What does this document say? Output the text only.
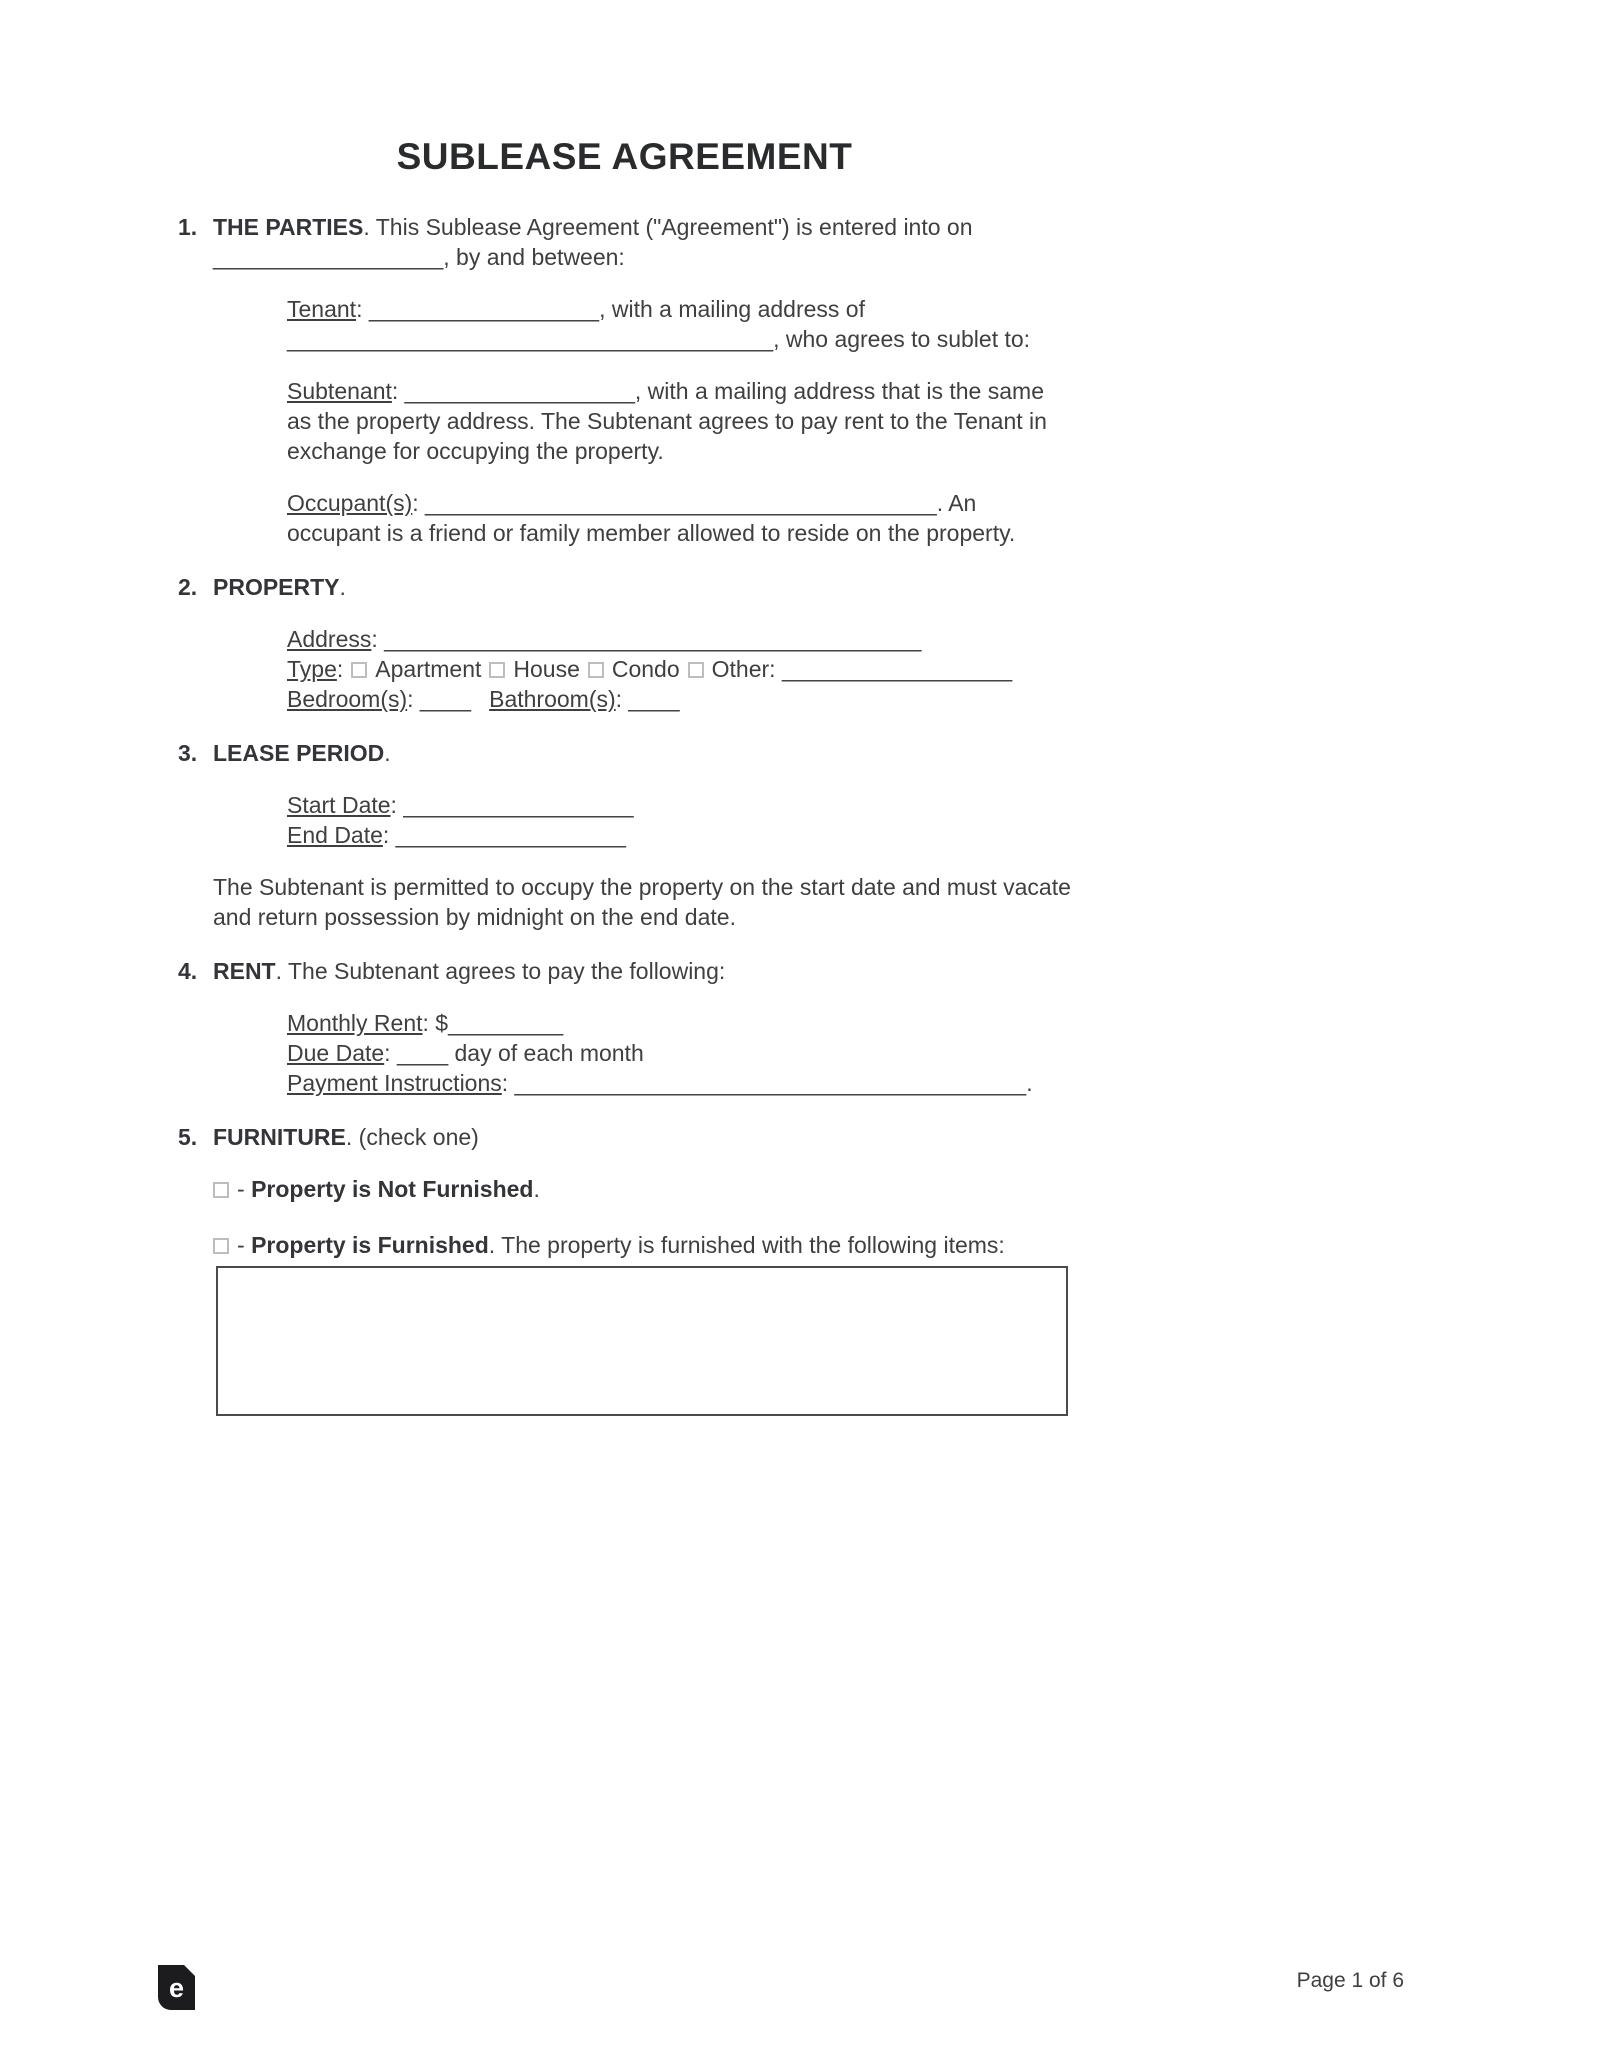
SUBLEASE AGREEMENT
1. THE PARTIES. This Sublease Agreement ("Agreement") is entered into on __________________, by and between:
Tenant: __________________, with a mailing address of ______________________________________, who agrees to sublet to:
Subtenant: __________________, with a mailing address that is the same as the property address. The Subtenant agrees to pay rent to the Tenant in exchange for occupying the property.
Occupant(s): ________________________________________. An occupant is a friend or family member allowed to reside on the property.
2. PROPERTY.
Address: __________________________________________
Type: Apartment House Condo Other: __________________
Bedroom(s): ____ Bathroom(s): ____
3. LEASE PERIOD.
Start Date: __________________
End Date: __________________
The Subtenant is permitted to occupy the property on the start date and must vacate and return possession by midnight on the end date.
4. RENT. The Subtenant agrees to pay the following:
Monthly Rent: $_________
Due Date: ____ day of each month
Payment Instructions: ________________________________________.
5. FURNITURE. (check one)
- Property is Not Furnished.
- Property is Furnished. The property is furnished with the following items:
e	Page 1 of 6
